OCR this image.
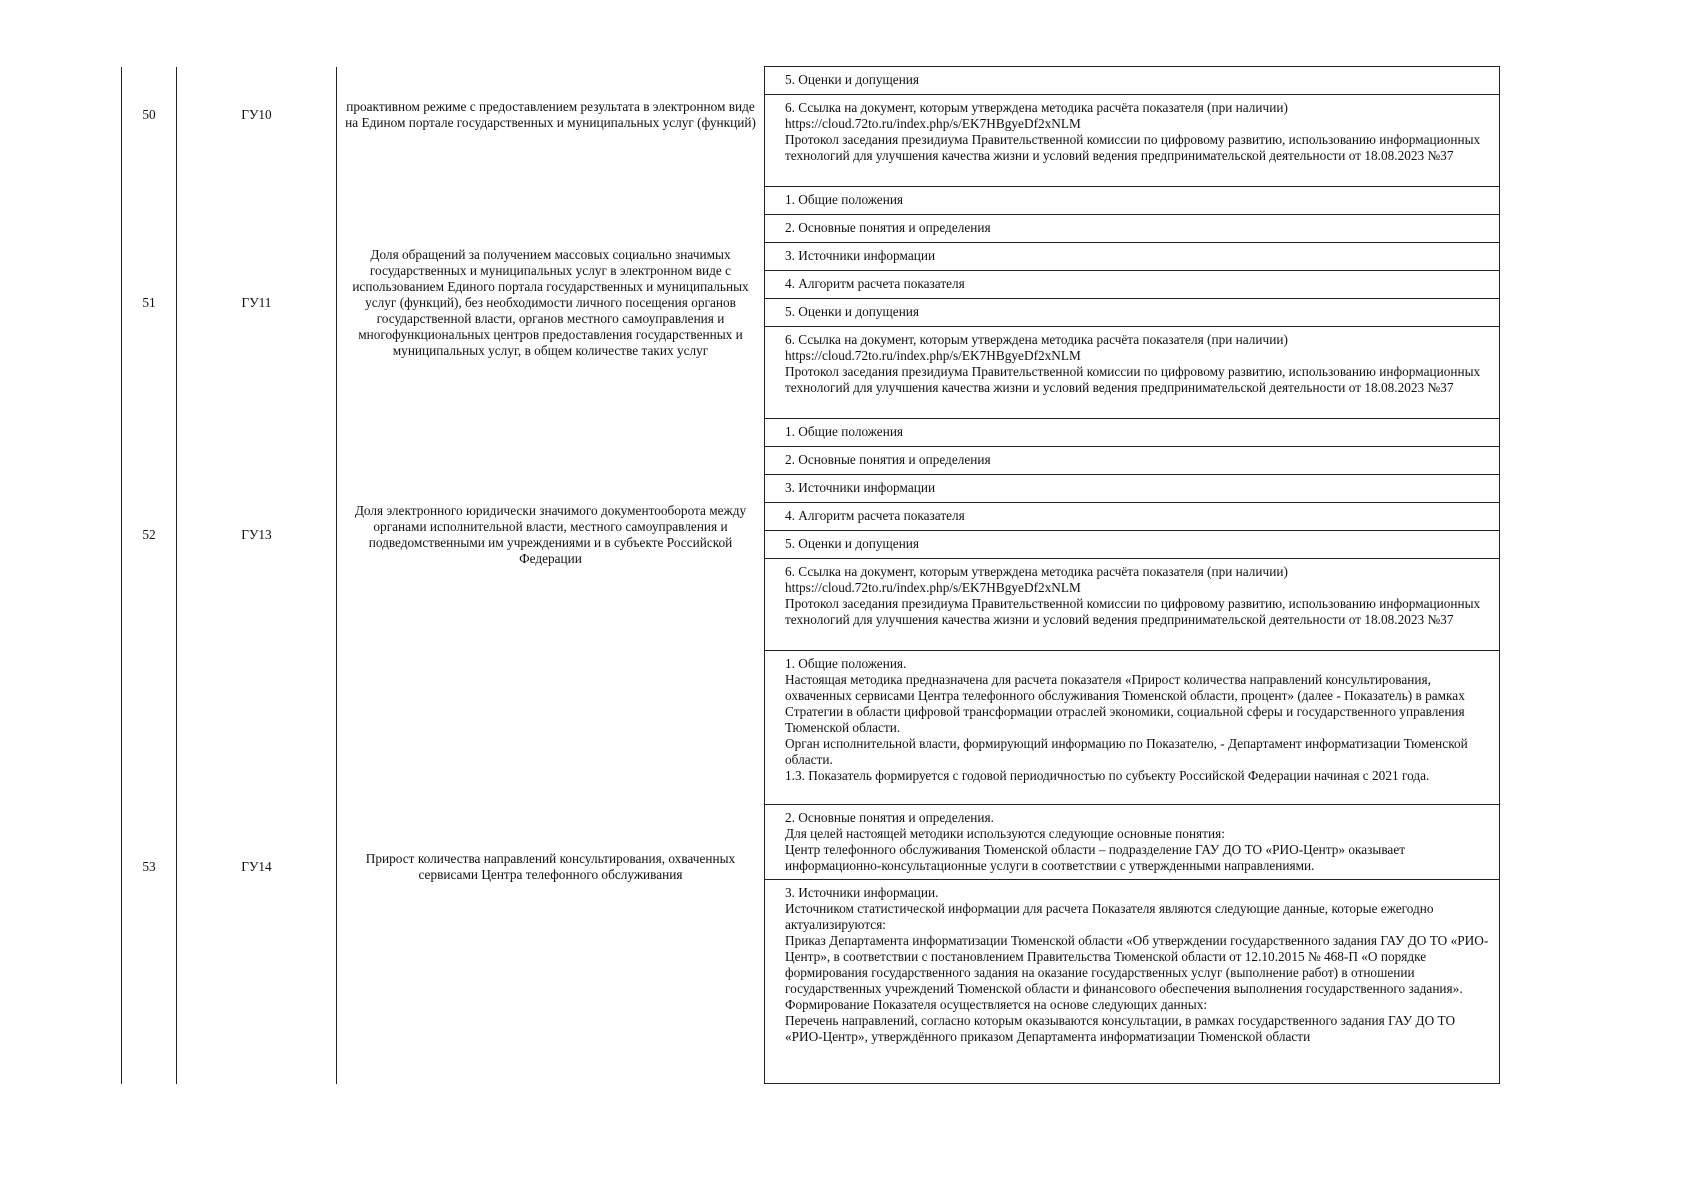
50	ГУ10	проактивном режиме с предоставлением результата в электронном виде на Едином портале государственных и муниципальных услуг (функций)	5. Оценки и допущения

			6. Ссылка на документ, которым утверждена методика расчёта показателя (при наличии)
https://cloud.72to.ru/index.php/s/EK7HBgyeDf2xNLM
Протокол заседания президиума Правительственной комиссии по цифровому развитию, использованию информационных технологий для улучшения качества жизни и условий ведения предпринимательской деятельности от 18.08.2023 №37

51	ГУ11	Доля обращений за получением массовых социально значимых государственных и муниципальных услуг в электронном виде с использованием Единого портала государственных и муниципальных услуг (функций), без необходимости личного посещения органов государственной власти, органов местного самоуправления и многофункциональных центров предоставления государственных и муниципальных услуг, в общем количестве таких услуг	1. Общие положения

			2. Основные понятия и определения

			3. Источники информации

			4. Алгоритм расчета показателя

			5. Оценки и допущения

			6. Ссылка на документ, которым утверждена методика расчёта показателя (при наличии)
https://cloud.72to.ru/index.php/s/EK7HBgyeDf2xNLM
Протокол заседания президиума Правительственной комиссии по цифровому развитию, использованию информационных технологий для улучшения качества жизни и условий ведения предпринимательской деятельности от 18.08.2023 №37

52	ГУ13	Доля электронного юридически значимого документооборота между органами исполнительной власти, местного самоуправления и подведомственными им учреждениями и в субъекте Российской Федерации	1. Общие положения

			2. Основные понятия и определения

			3. Источники информации

			4. Алгоритм расчета показателя

			5. Оценки и допущения

			6. Ссылка на документ, которым утверждена методика расчёта показателя (при наличии)
https://cloud.72to.ru/index.php/s/EK7HBgyeDf2xNLM
Протокол заседания президиума Правительственной комиссии по цифровому развитию, использованию информационных технологий для улучшения качества жизни и условий ведения предпринимательской деятельности от 18.08.2023 №37

53	ГУ14	Прирост количества направлений консультирования, охваченных сервисами Центра телефонного обслуживания	1. Общие положения.
Настоящая методика предназначена для расчета показателя «Прирост количества направлений консультирования, охваченных сервисами Центра телефонного обслуживания Тюменской области, процент» (далее - Показатель) в рамках Стратегии в области цифровой трансформации отраслей экономики, социальной сферы и государственного управления Тюменской области.
Орган исполнительной власти, формирующий информацию по Показателю, - Департамент информатизации Тюменской области.
1.3. Показатель формируется с годовой периодичностью по субъекту Российской Федерации начиная с 2021 года.

			2. Основные понятия и определения.
Для целей настоящей методики используются следующие основные понятия:
Центр телефонного обслуживания Тюменской области – подразделение ГАУ ДО ТО «РИО-Центр» оказывает информационно-консультационные услуги в соответствии с утвержденными направлениями.

			3. Источники информации.
Источником статистической информации для расчета Показателя являются следующие данные, которые ежегодно актуализируются:
Приказ Департамента информатизации Тюменской области «Об утверждении государственного задания ГАУ ДО ТО «РИО-Центр», в соответствии с постановлением Правительства Тюменской области от 12.10.2015 № 468-П «О порядке формирования государственного задания на оказание государственных услуг (выполнение работ) в отношении государственных учреждений Тюменской области и финансового обеспечения выполнения государственного задания».
Формирование Показателя осуществляется на основе следующих данных:
Перечень направлений, согласно которым оказываются консультации, в рамках государственного задания ГАУ ДО ТО «РИО-Центр», утверждённого приказом Департамента информатизации Тюменской области
